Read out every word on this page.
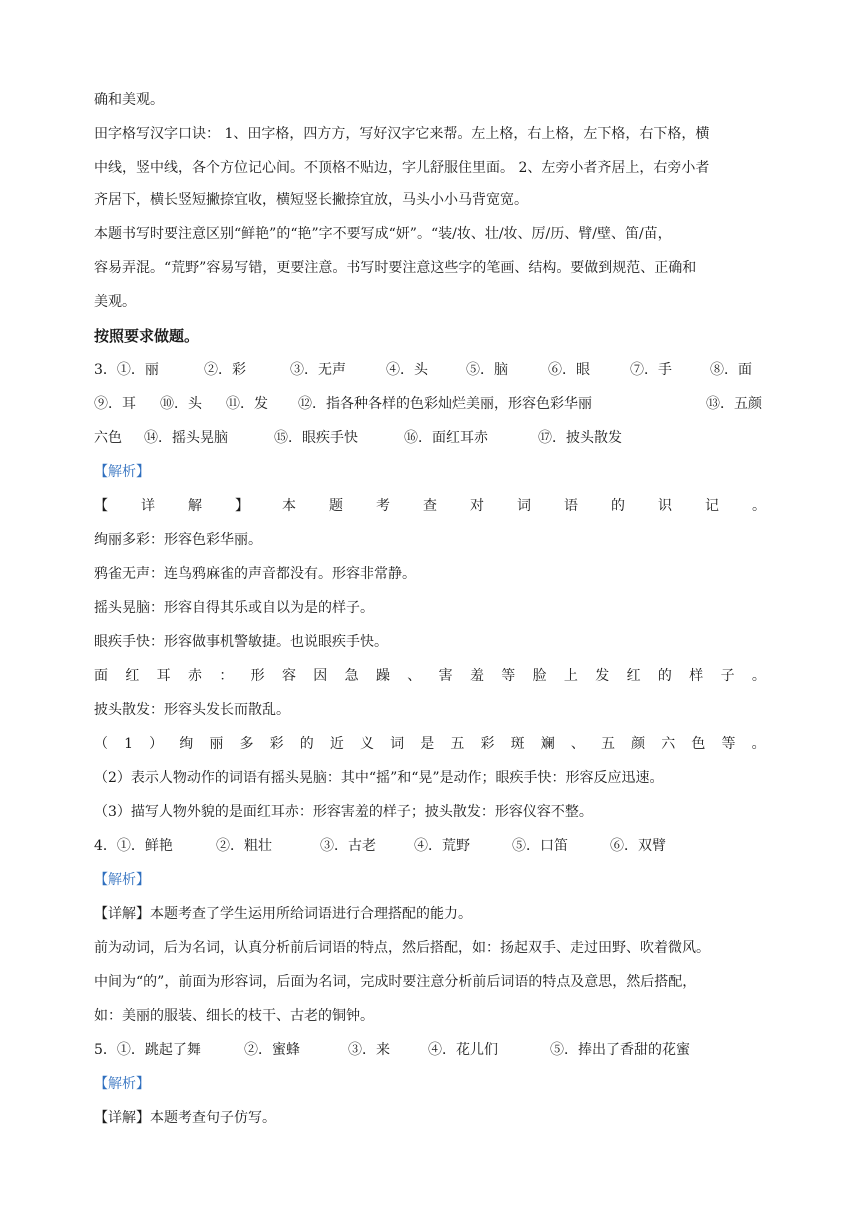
确和美观。
田字格写汉字口诀： 1、田字格，四方方，写好汉字它来帮。左上格，右上格，左下格，右下格，横
中线，竖中线，各个方位记心间。不顶格不贴边，字儿舒服住里面。 2、左旁小者齐居上，右旁小者
齐居下，横长竖短撇捺宜收，横短竖长撇捺宜放，马头小小马背宽宽。
本题书写时要注意区别“鲜艳”的“艳”字不要写成“妍”。“装/妆、壮/妆、厉/历、臂/壁、笛/苗，
容易弄混。“荒野”容易写错，更要注意。书写时要注意这些字的笔画、结构。要做到规范、正确和
美观。
按照要求做题。
3．①．丽	②．彩	③．无声	④．头	⑤．脑	⑥．眼	⑦．手	⑧．面
⑨．耳 ⑩．头 ⑪．发 ⑫．指各种各样的色彩灿烂美丽，形容色彩华丽	⑬．五颜
六色 ⑭．摇头晃脑	⑮．眼疾手快	⑯．面红耳赤	⑰．披头散发
【解析】
【 详 解 】 本 题 考 查 对 词 语 的 识 记 。
绚丽多彩：形容色彩华丽。
鸦雀无声：连鸟鸦麻雀的声音都没有。形容非常静。
摇头晃脑：形容自得其乐或自以为是的样子。
眼疾手快：形容做事机警敏捷。也说眼疾手快。
面 红 耳 赤 ： 形 容 因 急 躁 、 害 羞 等 脸 上 发 红 的 样 子 。
披头散发：形容头发长而散乱。
（ 1 ） 绚 丽 多 彩 的 近 义 词 是 五 彩 斑 斓 、 五 颜 六 色 等 。
（2）表示人物动作的词语有摇头晃脑：其中“摇”和“晃”是动作；眼疾手快：形容反应迅速。
（3）描写人物外貌的是面红耳赤：形容害羞的样子；披头散发：形容仪容不整。
4．①．鲜艳	②．粗壮	③．古老	④．荒野	⑤．口笛	⑥．双臂
【解析】
【详解】本题考查了学生运用所给词语进行合理搭配的能力。
前为动词，后为名词，认真分析前后词语的特点，然后搭配，如：扬起双手、走过田野、吹着微风。
中间为“的”，前面为形容词，后面为名词，完成时要注意分析前后词语的特点及意思，然后搭配，
如：美丽的服装、细长的枝干、古老的铜钟。
5．①．跳起了舞	②．蜜蜂	③．来	④．花儿们	⑤．捧出了香甜的花蜜
【解析】
【详解】本题考查句子仿写。
